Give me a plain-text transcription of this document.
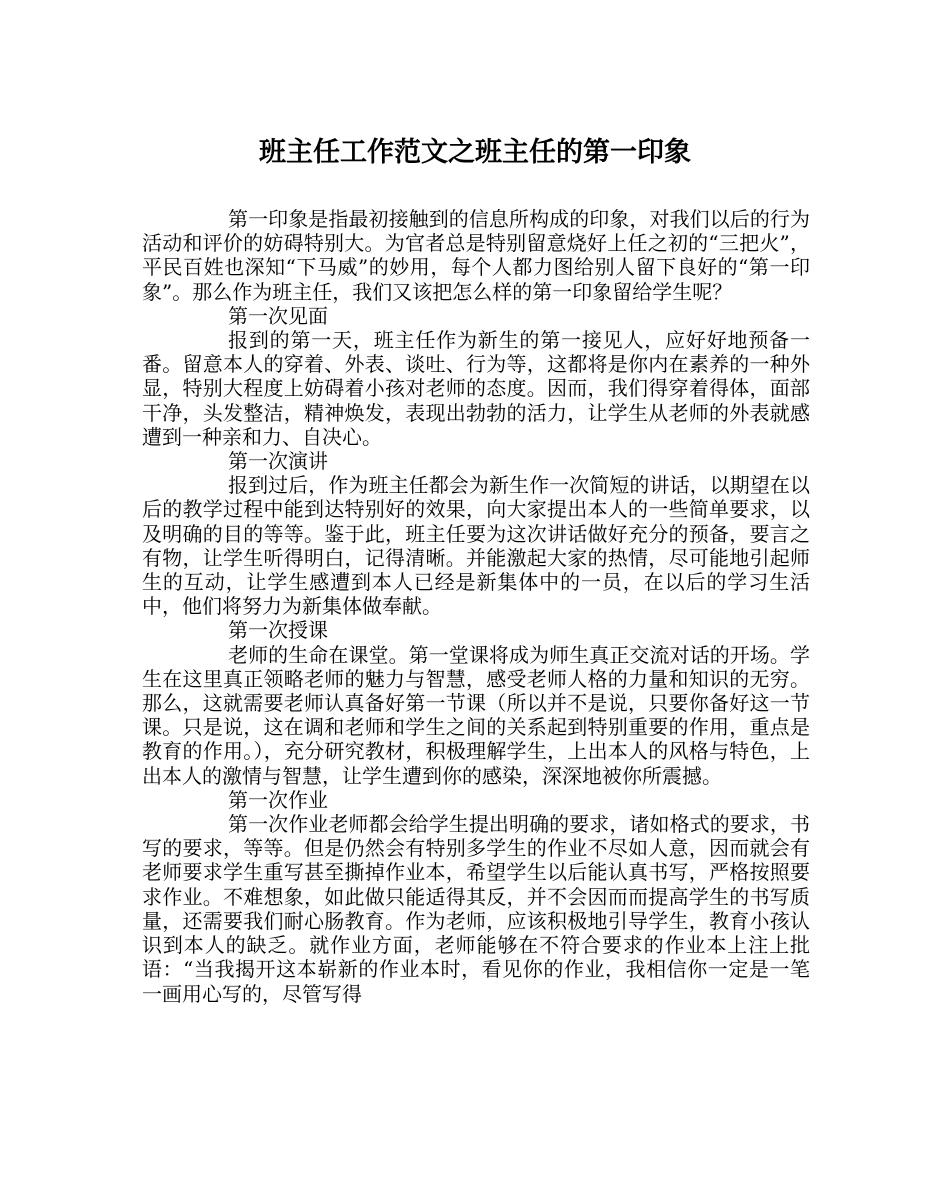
班主任工作范文之班主任的第一印象

第一印象是指最初接触到的信息所构成的印象，对我们以后的行为活动和评价的妨碍特别大。为官者总是特别留意烧好上任之初的“三把火”，平民百姓也深知“下马威”的妙用，每个人都力图给别人留下良好的“第一印象”。那么作为班主任，我们又该把怎么样的第一印象留给学生呢？

第一次见面

报到的第一天，班主任作为新生的第一接见人，应好好地预备一番。留意本人的穿着、外表、谈吐、行为等，这都将是你内在素养的一种外显，特别大程度上妨碍着小孩对老师的态度。因而，我们得穿着得体，面部干净，头发整洁，精神焕发，表现出勃勃的活力，让学生从老师的外表就感遭到一种亲和力、自决心。

第一次演讲

报到过后，作为班主任都会为新生作一次简短的讲话，以期望在以后的教学过程中能到达特别好的效果，向大家提出本人的一些简单要求，以及明确的目的等等。鉴于此，班主任要为这次讲话做好充分的预备，要言之有物，让学生听得明白，记得清晰。并能激起大家的热情，尽可能地引起师生的互动，让学生感遭到本人已经是新集体中的一员，在以后的学习生活中，他们将努力为新集体做奉献。

第一次授课

老师的生命在课堂。第一堂课将成为师生真正交流对话的开场。学生在这里真正领略老师的魅力与智慧，感受老师人格的力量和知识的无穷。那么，这就需要老师认真备好第一节课（所以并不是说，只要你备好这一节课。只是说，这在调和老师和学生之间的关系起到特别重要的作用，重点是教育的作用。），充分研究教材，积极理解学生，上出本人的风格与特色，上出本人的激情与智慧，让学生遭到你的感染，深深地被你所震撼。

第一次作业

第一次作业老师都会给学生提出明确的要求，诸如格式的要求，书写的要求，等等。但是仍然会有特别多学生的作业不尽如人意，因而就会有老师要求学生重写甚至撕掉作业本，希望学生以后能认真书写，严格按照要求作业。不难想象，如此做只能适得其反，并不会因而而提高学生的书写质量，还需要我们耐心肠教育。作为老师，应该积极地引导学生，教育小孩认识到本人的缺乏。就作业方面，老师能够在不符合要求的作业本上注上批语：“当我揭开这本崭新的作业本时，看见你的作业，我相信你一定是一笔一画用心写的，尽管写得
